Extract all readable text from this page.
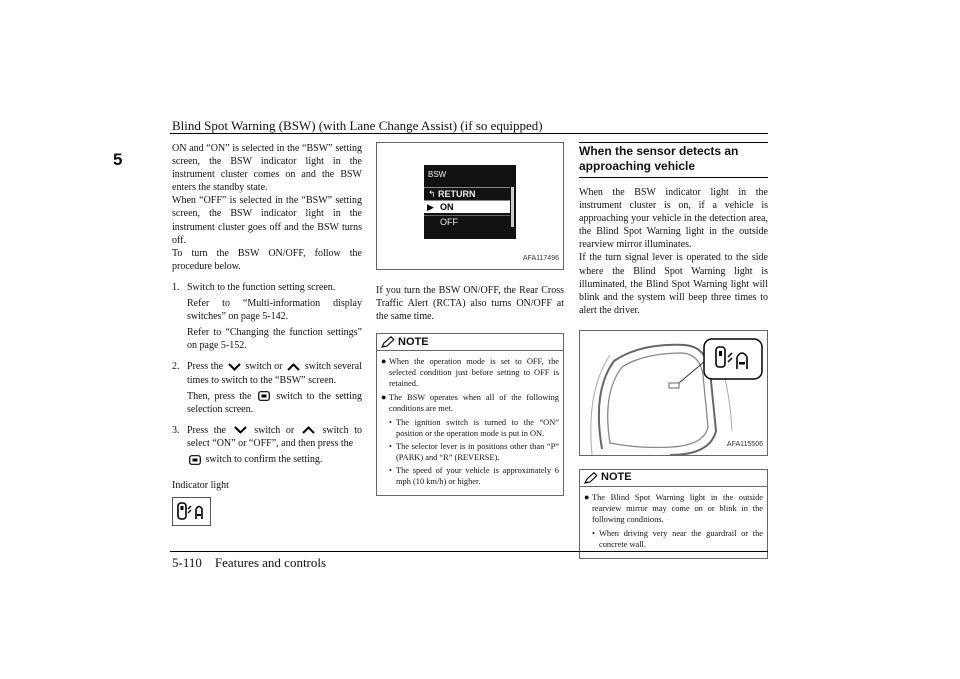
Blind Spot Warning (BSW) (with Lane Change Assist) (if so equipped)
5

ON and “ON” is selected in the “BSW” setting screen, the BSW indicator light in the instrument cluster comes on and the BSW enters the standby state.

When “OFF” is selected in the “BSW” setting screen, the BSW indicator light in the instrument cluster goes off and the BSW turns off.

To turn the BSW ON/OFF, follow the procedure below.

1. Switch to the function setting screen.

Refer to “Multi-information display switches” on page 5-142.

Refer to “Changing the function settings” on page 5-152.

2. Press the switch or switch several times to switch to the “BSW” screen.

Then, press the switch to the setting selection screen.

3. Press the	switch or	switch to select “ON” or “OFF”, and then press the

switch to confirm the setting.

Indicator light
BSW
↰ RETURN
▶ ON
OFF
AFA117496
If you turn the BSW ON/OFF, the Rear Cross Traffic Alert (RCTA) also turns ON/OFF at the same time.
NOTE
● When the operation mode is set to OFF, the selected condition just before setting to OFF is retained.
● The BSW operates when all of the following conditions are met.
• The ignition switch is turned to the “ON” position or the operation mode is put in ON.
• The selector lever is in positions other than “P” (PARK) and “R” (REVERSE).
• The speed of your vehicle is approximately 6 mph (10 km/h) or higher.
When the sensor detects an approaching vehicle

When the BSW indicator light in the instrument cluster is on, if a vehicle is approaching your vehicle in the detection area, the Blind Spot Warning light in the outside rearview mirror illuminates.

If the turn signal lever is operated to the side where the Blind Spot Warning light is illuminated, the Blind Spot Warning light will blink and the system will beep three times to alert the driver.

AFA115506
NOTE
● The Blind Spot Warning light in the outside rearview mirror may come on or blink in the following conditions.
• When driving very near the guardrail or the concrete wall.
5-110 Features and controls
